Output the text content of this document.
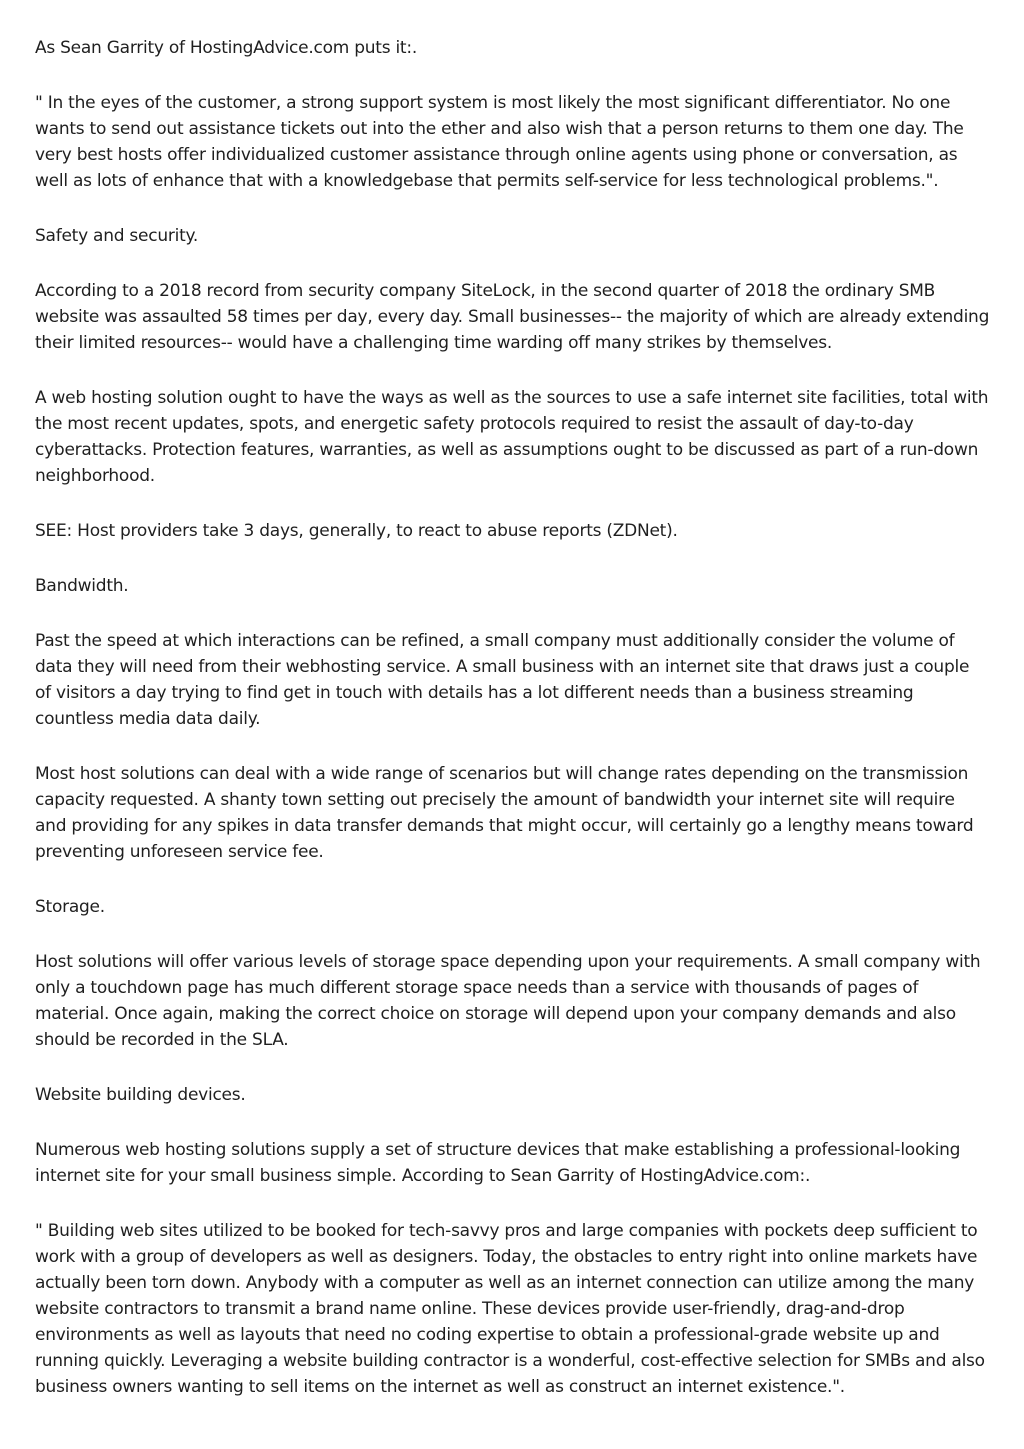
As Sean Garrity of HostingAdvice.com puts it:.

" In the eyes of the customer, a strong support system is most likely the most significant differentiator. No one wants to send out assistance tickets out into the ether and also wish that a person returns to them one day. The very best hosts offer individualized customer assistance through online agents using phone or conversation, as well as lots of enhance that with a knowledgebase that permits self-service for less technological problems.".

Safety and security.

According to a 2018 record from security company SiteLock, in the second quarter of 2018 the ordinary SMB website was assaulted 58 times per day, every day. Small businesses-- the majority of which are already extending their limited resources-- would have a challenging time warding off many strikes by themselves.

A web hosting solution ought to have the ways as well as the sources to use a safe internet site facilities, total with the most recent updates, spots, and energetic safety protocols required to resist the assault of day-to-day cyberattacks. Protection features, warranties, as well as assumptions ought to be discussed as part of a run-down neighborhood.

SEE: Host providers take 3 days, generally, to react to abuse reports (ZDNet).

Bandwidth.

Past the speed at which interactions can be refined, a small company must additionally consider the volume of data they will need from their webhosting service. A small business with an internet site that draws just a couple of visitors a day trying to find get in touch with details has a lot different needs than a business streaming countless media data daily.

Most host solutions can deal with a wide range of scenarios but will change rates depending on the transmission capacity requested. A shanty town setting out precisely the amount of bandwidth your internet site will require and providing for any spikes in data transfer demands that might occur, will certainly go a lengthy means toward preventing unforeseen service fee.

Storage.

Host solutions will offer various levels of storage space depending upon your requirements. A small company with only a touchdown page has much different storage space needs than a service with thousands of pages of material. Once again, making the correct choice on storage will depend upon your company demands and also should be recorded in the SLA.

Website building devices.

Numerous web hosting solutions supply a set of structure devices that make establishing a professional-looking internet site for your small business simple. According to Sean Garrity of HostingAdvice.com:.

" Building web sites utilized to be booked for tech-savvy pros and large companies with pockets deep sufficient to work with a group of developers as well as designers. Today, the obstacles to entry right into online markets have actually been torn down. Anybody with a computer as well as an internet connection can utilize among the many website contractors to transmit a brand name online. These devices provide user-friendly, drag-and-drop environments as well as layouts that need no coding expertise to obtain a professional-grade website up and running quickly. Leveraging a website building contractor is a wonderful, cost-effective selection for SMBs and also business owners wanting to sell items on the internet as well as construct an internet existence.".
